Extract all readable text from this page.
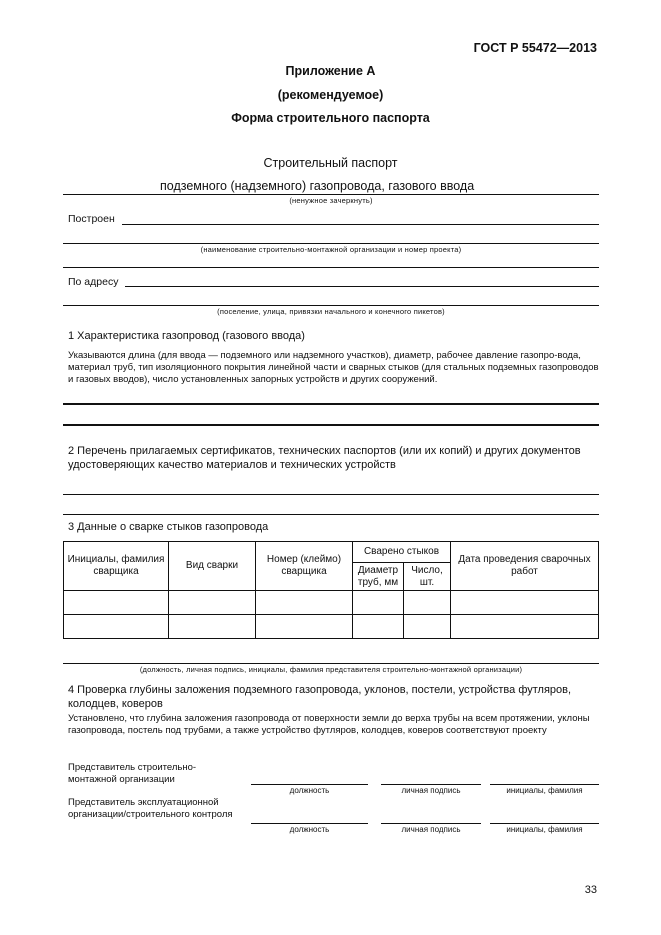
ГОСТ Р 55472—2013
Приложение А
(рекомендуемое)
Форма строительного паспорта
Строительный паспорт
подземного (надземного) газопровода, газового ввода
(ненужное зачеркнуть)
Построен
(наименование строительно-монтажной организации и номер проекта)
По адресу
(поселение, улица, привязки начального и конечного пикетов)
1 Характеристика газопровод (газового ввода)
Указываются длина (для ввода — подземного или надземного участков), диаметр, рабочее давление газопро-вода, материал труб, тип изоляционного покрытия линейной части и сварных стыков (для стальных подземных газопроводов и газовых вводов), число установленных запорных устройств и других сооружений.
2 Перечень прилагаемых сертификатов, технических паспортов (или их копий) и других документов удостоверяющих качество материалов и технических устройств
3 Данные о сварке стыков газопровода
Инициалы, фамилия сварщика	Вид сварки	Номер (клеймо) сварщика	Сварено стыков		Дата проведения сварочных работ
			Диаметр труб, мм	Число, шт.	

(должность, личная подпись, инициалы, фамилия представителя строительно-монтажной организации)
4 Проверка глубины заложения подземного газопровода, уклонов, постели, устройства футляров, колодцев, коверов
Установлено, что глубина заложения газопровода от поверхности земли до верха трубы на всем протяжении, уклоны газопровода, постель под трубами, а также устройство футляров, колодцев, коверов соответствуют проекту
Представитель строительно-монтажной организации
должность	личная подпись	инициалы, фамилия
Представитель эксплуатационной организации/строительного контроля
должность	личная подпись	инициалы, фамилия
33
